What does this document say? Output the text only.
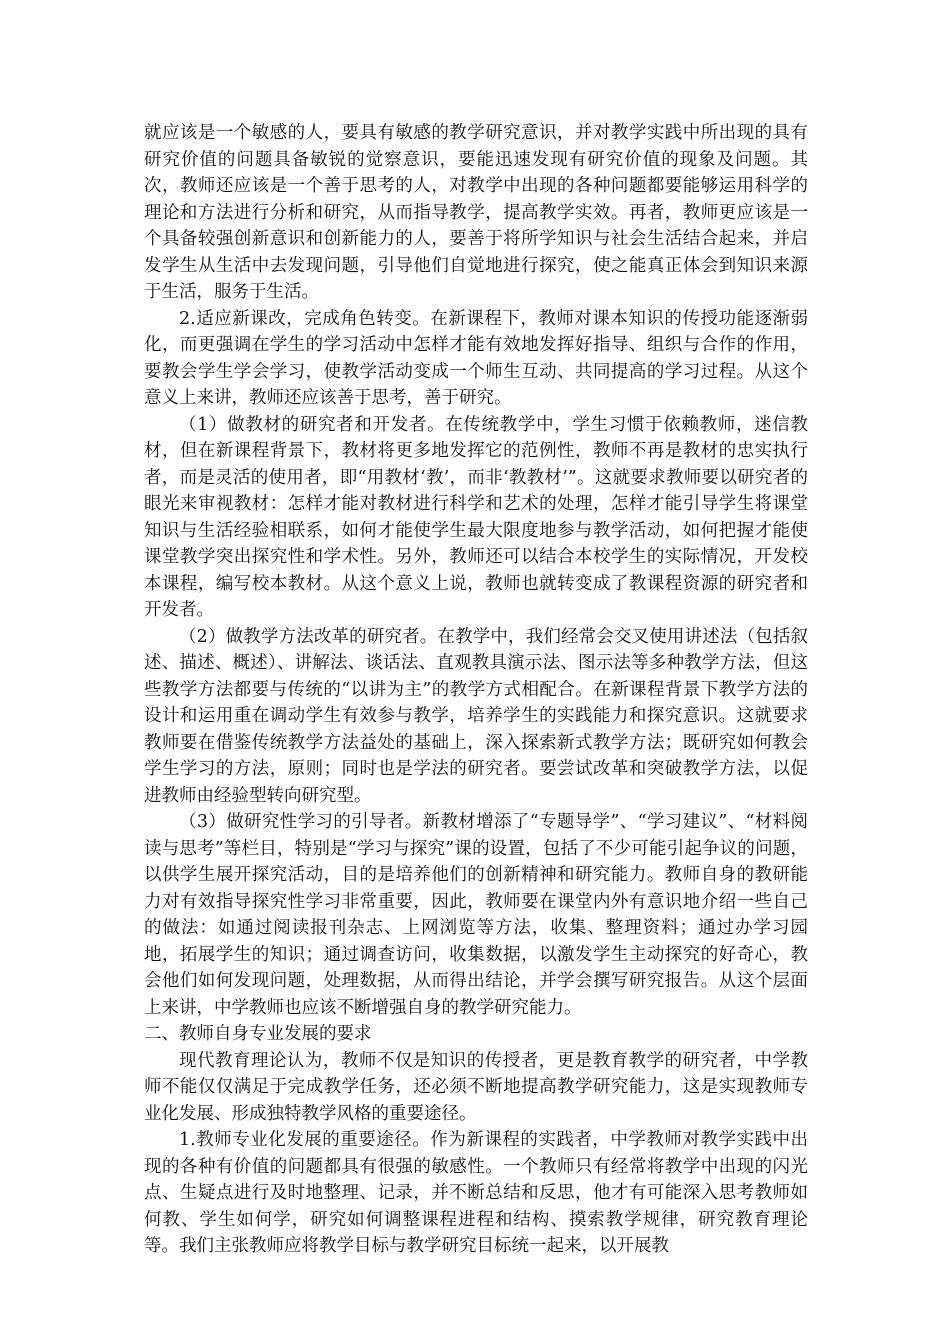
就应该是一个敏感的人，要具有敏感的教学研究意识，并对教学实践中所出现的具有研究价值的问题具备敏锐的觉察意识，要能迅速发现有研究价值的现象及问题。其次，教师还应该是一个善于思考的人，对教学中出现的各种问题都要能够运用科学的理论和方法进行分析和研究，从而指导教学，提高教学实效。再者，教师更应该是一个具备较强创新意识和创新能力的人，要善于将所学知识与社会生活结合起来，并启发学生从生活中去发现问题，引导他们自觉地进行探究，使之能真正体会到知识来源于生活，服务于生活。

2.适应新课改，完成角色转变。在新课程下，教师对课本知识的传授功能逐渐弱化，而更强调在学生的学习活动中怎样才能有效地发挥好指导、组织与合作的作用，要教会学生学会学习，使教学活动变成一个师生互动、共同提高的学习过程。从这个意义上来讲，教师还应该善于思考，善于研究。

（1）做教材的研究者和开发者。在传统教学中，学生习惯于依赖教师，迷信教材，但在新课程背景下，教材将更多地发挥它的范例性，教师不再是教材的忠实执行者，而是灵活的使用者，即“用教材‘教’，而非‘教教材’”。这就要求教师要以研究者的眼光来审视教材：怎样才能对教材进行科学和艺术的处理，怎样才能引导学生将课堂知识与生活经验相联系，如何才能使学生最大限度地参与教学活动，如何把握才能使课堂教学突出探究性和学术性。另外，教师还可以结合本校学生的实际情况，开发校本课程，编写校本教材。从这个意义上说，教师也就转变成了教课程资源的研究者和开发者。

（2）做教学方法改革的研究者。在教学中，我们经常会交叉使用讲述法（包括叙述、描述、概述）、讲解法、谈话法、直观教具演示法、图示法等多种教学方法，但这些教学方法都要与传统的“以讲为主”的教学方式相配合。在新课程背景下教学方法的设计和运用重在调动学生有效参与教学，培养学生的实践能力和探究意识。这就要求教师要在借鉴传统教学方法益处的基础上，深入探索新式教学方法；既研究如何教会学生学习的方法，原则；同时也是学法的研究者。要尝试改革和突破教学方法，以促进教师由经验型转向研究型。

（3）做研究性学习的引导者。新教材增添了“专题导学”、“学习建议”、“材料阅读与思考”等栏目，特别是“学习与探究”课的设置，包括了不少可能引起争议的问题，以供学生展开探究活动，目的是培养他们的创新精神和研究能力。教师自身的教研能力对有效指导探究性学习非常重要，因此，教师要在课堂内外有意识地介绍一些自己的做法：如通过阅读报刊杂志、上网浏览等方法，收集、整理资料；通过办学习园地，拓展学生的知识；通过调查访问，收集数据，以激发学生主动探究的好奇心，教会他们如何发现问题，处理数据，从而得出结论，并学会撰写研究报告。从这个层面上来讲，中学教师也应该不断增强自身的教学研究能力。

二、教师自身专业发展的要求

现代教育理论认为，教师不仅是知识的传授者，更是教育教学的研究者，中学教师不能仅仅满足于完成教学任务，还必须不断地提高教学研究能力，这是实现教师专业化发展、形成独特教学风格的重要途径。

1.教师专业化发展的重要途径。作为新课程的实践者，中学教师对教学实践中出现的各种有价值的问题都具有很强的敏感性。一个教师只有经常将教学中出现的闪光点、生疑点进行及时地整理、记录，并不断总结和反思，他才有可能深入思考教师如何教、学生如何学，研究如何调整课程进程和结构、摸索教学规律，研究教育理论等。我们主张教师应将教学目标与教学研究目标统一起来，以开展教
